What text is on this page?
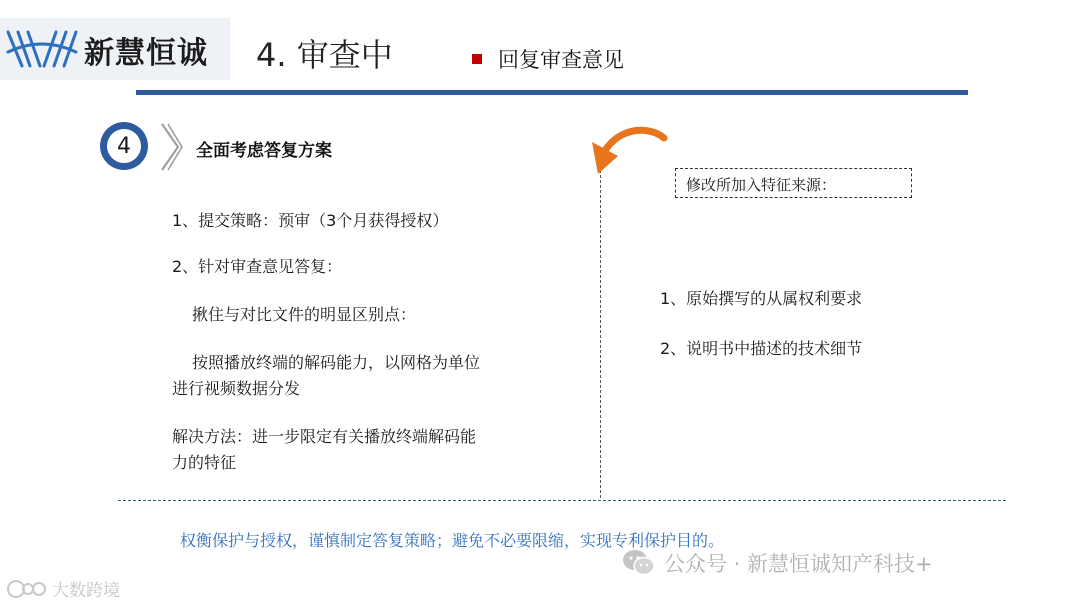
新慧恒诚 4. 审查中	回复审查意见
4	全面考虑答复方案
1、提交策略：预审（3个月获得授权）
2、针对审查意见答复：
揪住与对比文件的明显区别点：
按照播放终端的解码能力，以网格为单位
进行视频数据分发
解决方法：进一步限定有关播放终端解码能
力的特征
修改所加入特征来源：
1、原始撰写的从属权利要求
2、说明书中描述的技术细节
权衡保护与授权，谨慎制定答复策略；避免不必要限缩，实现专利保护目的。
公众号 · 新慧恒诚知产科技+
大数跨境
